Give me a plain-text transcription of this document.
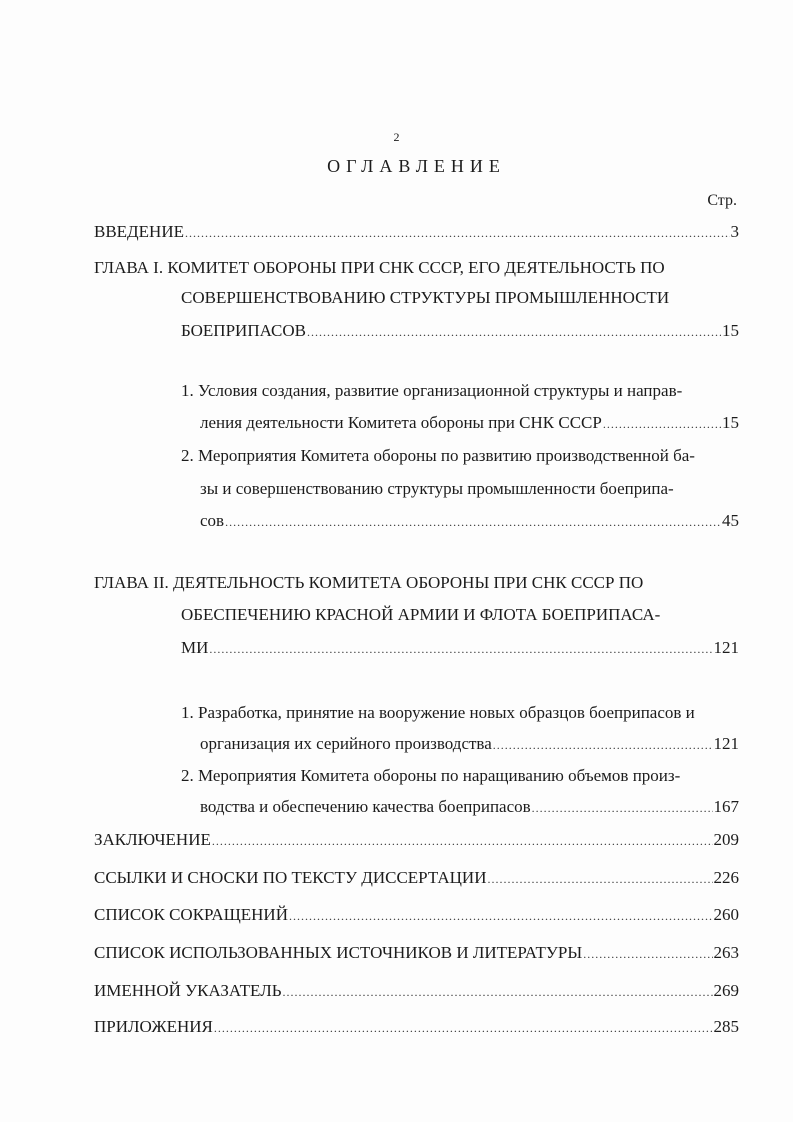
2
ОГЛАВЛЕНИЕ
Стр.
ВВЕДЕНИЕ .....	3
ГЛАВА I. КОМИТЕТ ОБОРОНЫ ПРИ СНК СССР, ЕГО ДЕЯТЕЛЬНОСТЬ ПО
СОВЕРШЕНСТВОВАНИЮ СТРУКТУРЫ ПРОМЫШЛЕННОСТИ
БОЕПРИПАСОВ .....	15
1. Условия создания, развитие организационной структуры и направ-
ления деятельности Комитета обороны при СНК СССР .....	15
2. Мероприятия Комитета обороны по развитию производственной ба-
зы и совершенствованию структуры промышленности боеприпа-
сов .....	45
ГЛАВА II. ДЕЯТЕЛЬНОСТЬ КОМИТЕТА ОБОРОНЫ ПРИ СНК СССР ПО
ОБЕСПЕЧЕНИЮ КРАСНОЙ АРМИИ И ФЛОТА БОЕПРИПАСА-
МИ .....	121
1. Разработка, принятие на вооружение новых образцов боеприпасов и
организация их серийного производства .....	121
2. Мероприятия Комитета обороны по наращиванию объемов произ-
водства и обеспечению качества боеприпасов .....	167
ЗАКЛЮЧЕНИЕ .....	209
ССЫЛКИ И СНОСКИ ПО ТЕКСТУ ДИССЕРТАЦИИ .....	226
СПИСОК СОКРАЩЕНИЙ .....	260
СПИСОК ИСПОЛЬЗОВАННЫХ ИСТОЧНИКОВ И ЛИТЕРАТУРЫ .....	263
ИМЕННОЙ УКАЗАТЕЛЬ .....	269
ПРИЛОЖЕНИЯ .....	285
